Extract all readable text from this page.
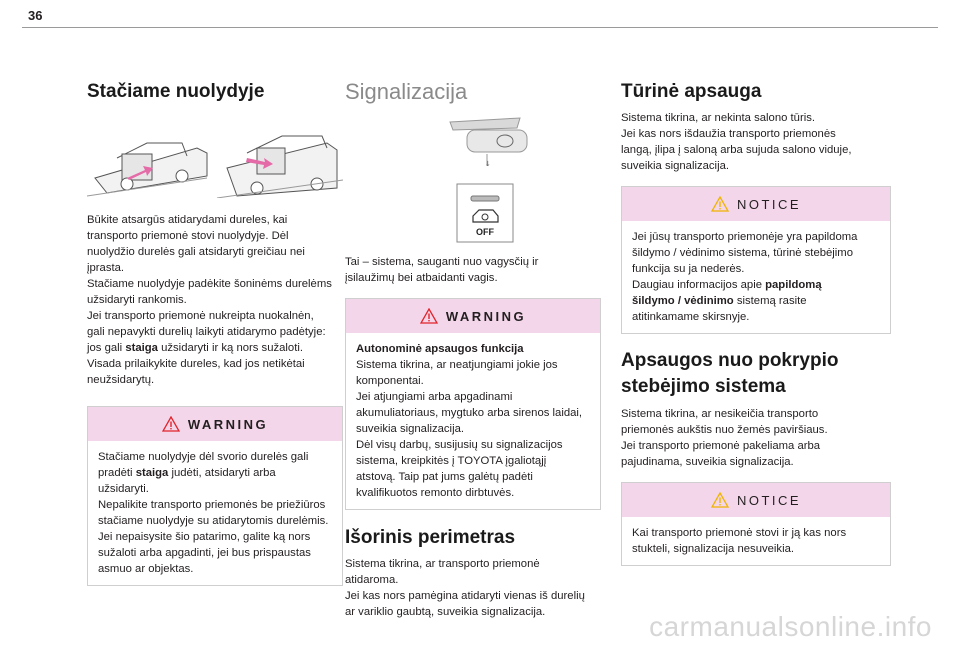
36
Stačiame nuolydyje

Būkite atsargūs atidarydami dureles, kai
transporto priemonė stovi nuolydyje. Dėl
nuolydžio durelės gali atsidaryti greičiau nei
įprasta.
Stačiame nuolydyje padėkite šoninėms durelėms
užsidaryti rankomis.
Jei transporto priemonė nukreipta nuokalnėn,
gali nepavykti durelių laikyti atidarymo padėtyje:
jos gali staiga užsidaryti ir ką nors sužaloti.
Visada prilaikykite dureles, kad jos netikėtai
neužsidarytų.

WARNING
Stačiame nuolydyje dėl svorio durelės gali
pradėti staiga judėti, atsidaryti arba
užsidaryti.
Nepalikite transporto priemonės be priežiūros
stačiame nuolydyje su atidarytomis durelėmis.
Jei nepaisysite šio patarimo, galite ką nors
sužaloti arba apgadinti, jei bus prispaustas
asmuo ar objektas.
Signalizacija
↓
OFF

Tai – sistema, sauganti nuo vagysčių ir
įsilaužimų bei atbaidanti vagis.

WARNING
Autonominė apsaugos funkcija
Sistema tikrina, ar neatjungiami jokie jos
komponentai.
Jei atjungiami arba apgadinami
akumuliatoriaus, mygtuko arba sirenos laidai,
suveikia signalizacija.
Dėl visų darbų, susijusių su signalizacijos
sistema, kreipkitės į TOYOTA įgaliotąjį
atstovą. Taip pat jums galėtų padėti
kvalifikuotos remonto dirbtuvės.
Išorinis perimetras

Sistema tikrina, ar transporto priemonė
atidaroma.
Jei kas nors pamėgina atidaryti vienas iš durelių
ar variklio gaubtą, suveikia signalizacija.

Tūrinė apsauga

Sistema tikrina, ar nekinta salono tūris.
Jei kas nors išdaužia transporto priemonės
langą, įlipa į saloną arba sujuda salono viduje,
suveikia signalizacija.

NOTICE
Jei jūsų transporto priemonėje yra papildoma
šildymo / vėdinimo sistema, tūrinė stebėjimo
funkcija su ja nederės.
Daugiau informacijos apie papildomą
šildymo / vėdinimo sistemą rasite
atitinkamame skirsnyje.
Apsaugos nuo pokrypio
stebėjimo sistema

Sistema tikrina, ar nesikeičia transporto
priemonės aukštis nuo žemės paviršiaus.
Jei transporto priemonė pakeliama arba
pajudinama, suveikia signalizacija.

NOTICE
Kai transporto priemonė stovi ir ją kas nors
stukteli, signalizacija nesuveikia.
carmanualsonline.info
